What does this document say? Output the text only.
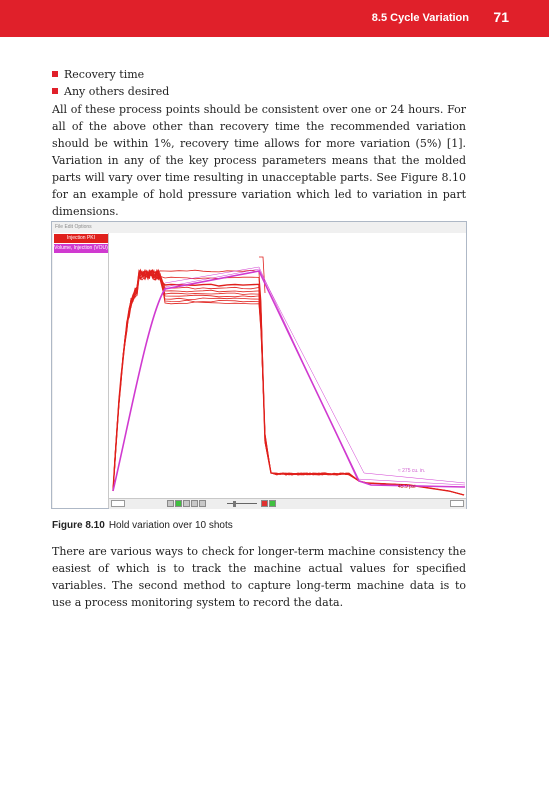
8.5 Cycle Variation 71
Recovery time
Any others desired

All of these process points should be consistent over one or 24 hours. For all of the above other than recovery time the recommended variation should be within 1%, recovery time allows for more variation (5%) [1]. Variation in any of the key process parameters means that the molded parts will vary over time resulting in unacceptable parts. See Figure 8.10 for an example of hold pressure variation which led to variation in part dimensions.

File Edit Options
Injection PKI
Volume, Injection (VOU)
≈ 275 cu. in.
45.9 psi
Figure 8.10 Hold variation over 10 shots

There are various ways to check for longer-term machine consistency the easiest of which is to track the machine actual values for specified variables. The second method to capture long-term machine data is to use a process monitoring system to record the data.
